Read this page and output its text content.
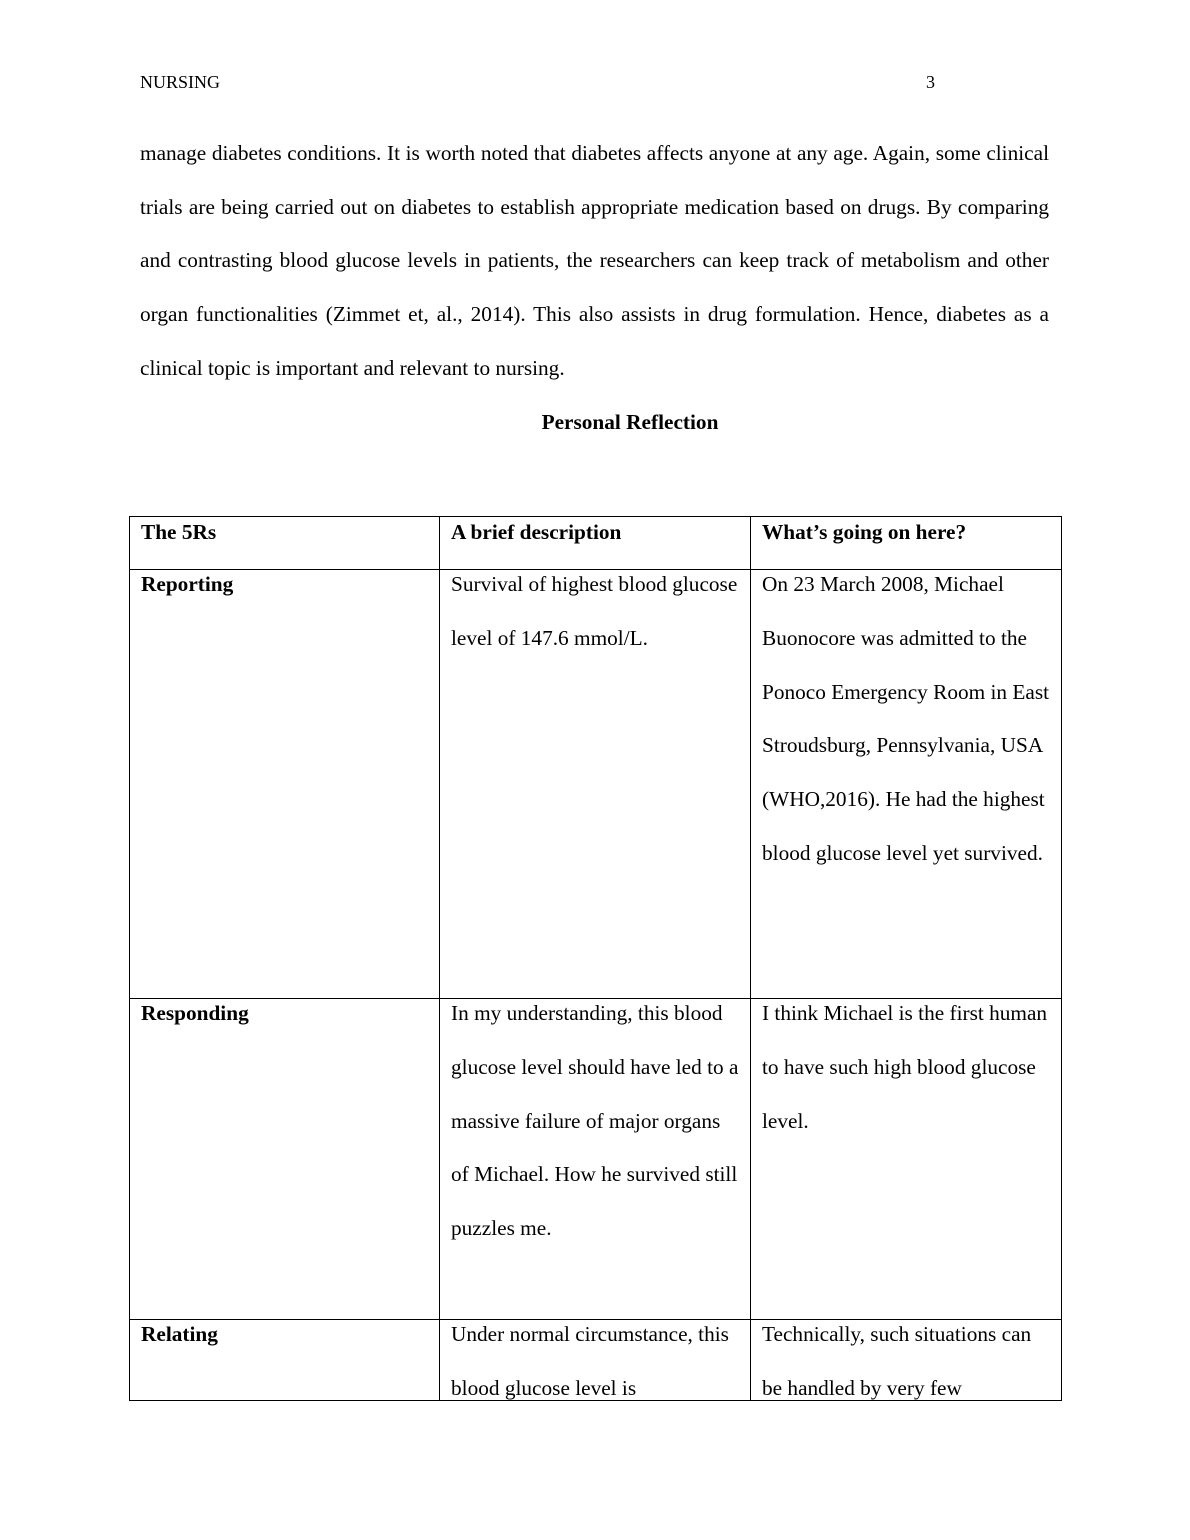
NURSING	3

manage diabetes conditions. It is worth noted that diabetes affects anyone at any age. Again, some clinical trials are being carried out on diabetes to establish appropriate medication based on drugs. By comparing and contrasting blood glucose levels in patients, the researchers can keep track of metabolism and other organ functionalities (Zimmet et, al., 2014). This also assists in drug formulation. Hence, diabetes as a clinical topic is important and relevant to nursing.

Personal Reflection
The 5Rs	A brief description	What’s going on here?

Reporting	Survival of highest blood glucose level of 147.6 mmol/L.	On 23 March 2008, Michael Buonocore was admitted to the Ponoco Emergency Room in East Stroudsburg, Pennsylvania, USA (WHO,2016). He had the highest blood glucose level yet survived.

Responding	In my understanding, this blood glucose level should have led to a massive failure of major organs of Michael. How he survived still puzzles me.	I think Michael is the first human to have such high blood glucose level.

Relating	Under normal circumstance, this blood glucose level is	Technically, such situations can be handled by very few
